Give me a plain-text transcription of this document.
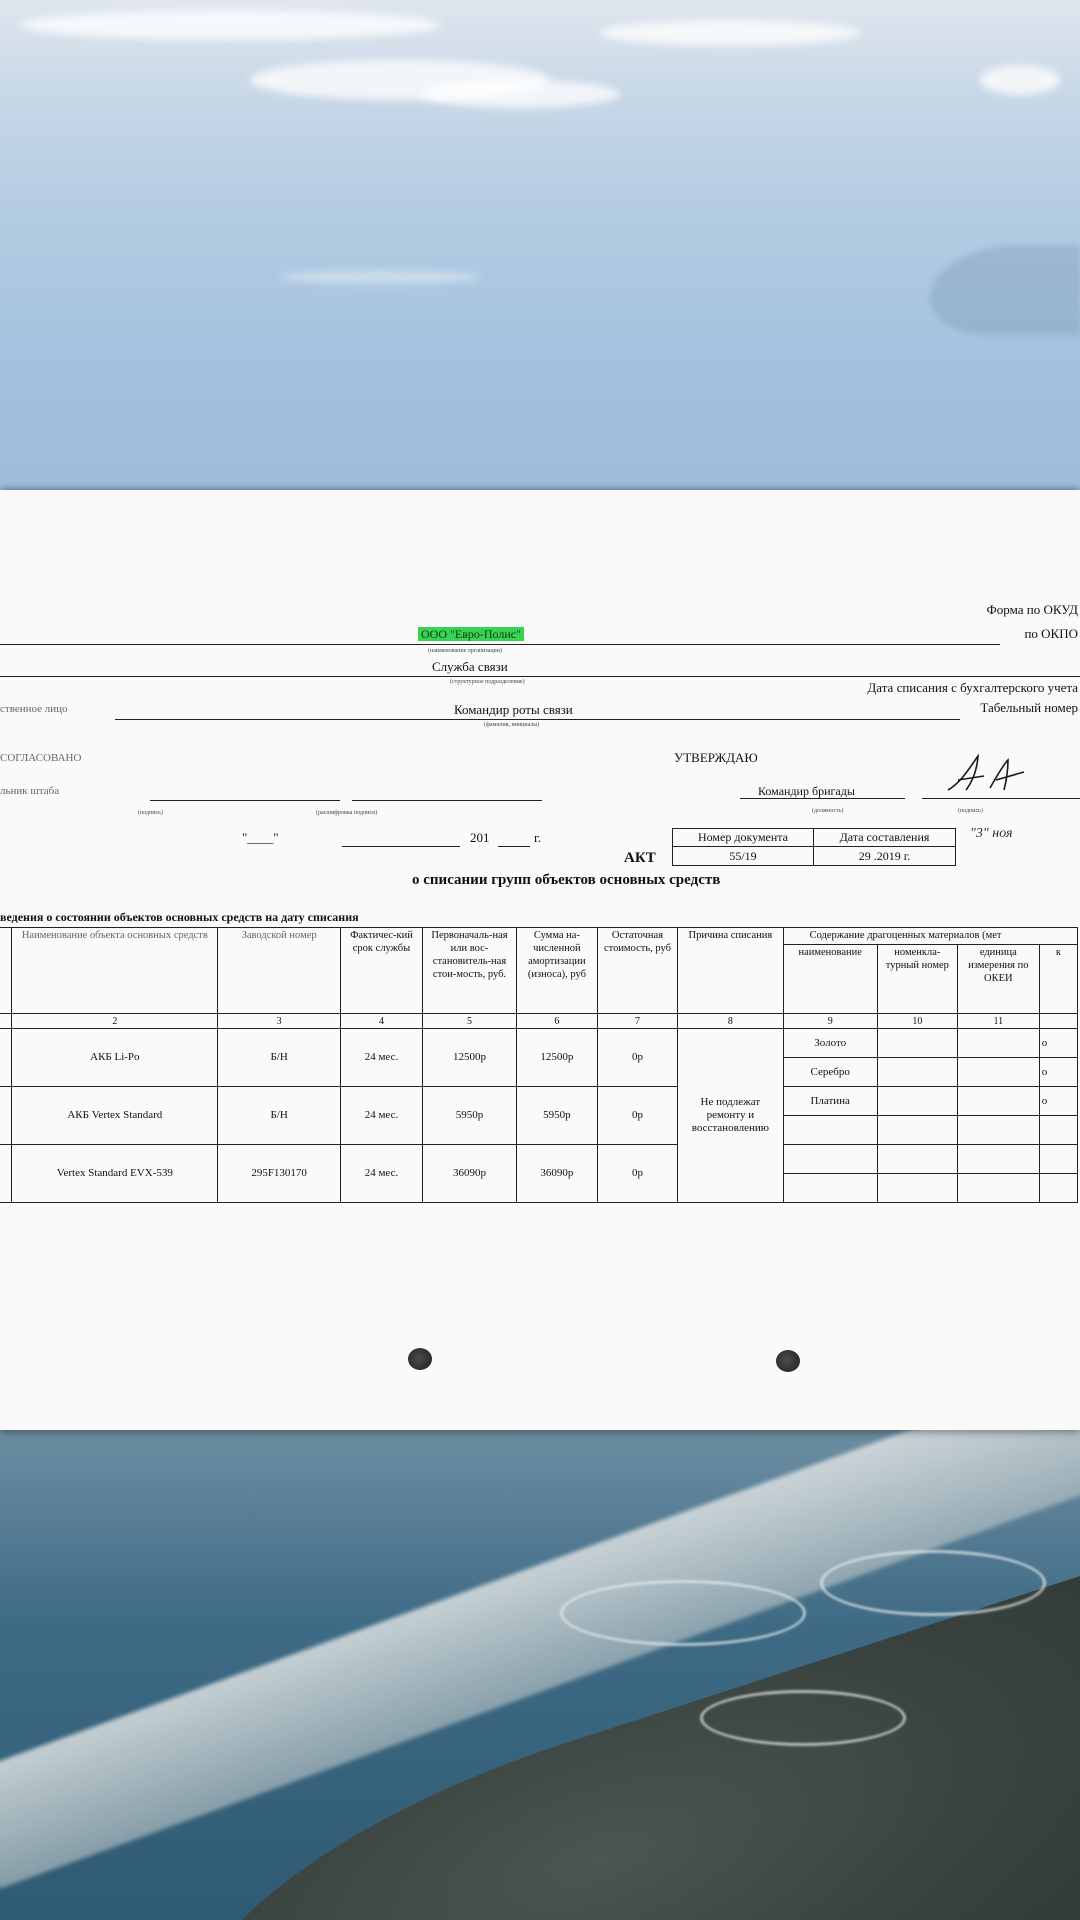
Форма по ОКУД
по ОКПО
ООО "Евро-Полис"
(наименование организации)
Служба связи
(структурное подразделение)	Дата списания с бухгалтерского учета
ственное лицо	Командир роты связи
(фамилия, инициалы)
Табельный номер
СОГЛАСОВАНО
льник штаба
(подпись)	(расшифровка подписи)
"____"	201	г.
УТВЕРЖДАЮ
Командир бригады
(должность)	(подпись)
"3" ноя
Номер документа	Дата составления
55/19	29 .2019 г.
АКТ
о списании групп объектов основных средств
ведения о состоянии объектов основных средств на дату списания
	Наименование объекта основных средств	Заводской номер	Фактичес-кий срок службы	Первоначаль-ная или вос-становитель-ная стои-мость, руб.	Сумма на-численной амортизации (износа), руб	Остаточная стоимость, руб	Причина списания	Содержание драгоценных материалов (мет			
								наименование	номенкла-турный номер	единица измерения по ОКЕИ	к
	2	3	4	5	6	7	8	9	10	11	
	АКБ Li-Po	Б/Н	24 мес.	12500р	12500р	0р	Не подлежат ремонту и восстановлению	Золото			о
								Серебро			о
	АКБ Vertex Standard	Б/Н	24 мес.	5950р	5950р	0р		Платина			о

	Vertex Standard EVX-539	295F130170	24 мес.	36090р	36090р	0р					
